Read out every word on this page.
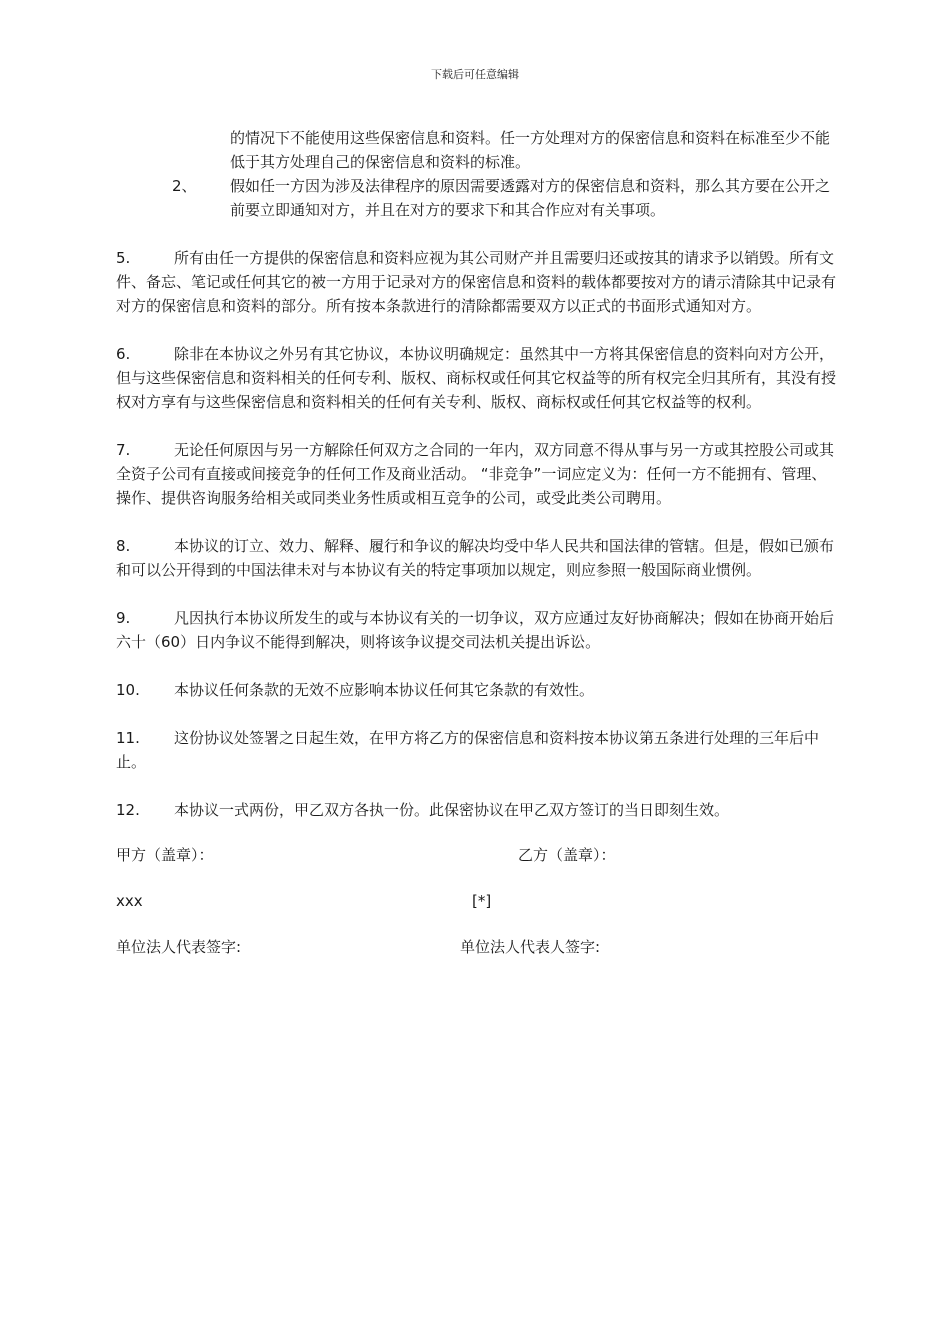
下载后可任意编辑
的情况下不能使用这些保密信息和资料。任一方处理对方的保密信息和资料在标准至少不能低于其方处理自己的保密信息和资料的标准。
2、 假如任一方因为涉及法律程序的原因需要透露对方的保密信息和资料，那么其方要在公开之前要立即通知对方，并且在对方的要求下和其合作应对有关事项。
5.	所有由任一方提供的保密信息和资料应视为其公司财产并且需要归还或按其的请求予以销毁。所有文件、备忘、笔记或任何其它的被一方用于记录对方的保密信息和资料的载体都要按对方的请示清除其中记录有对方的保密信息和资料的部分。所有按本条款进行的清除都需要双方以正式的书面形式通知对方。
6.	除非在本协议之外另有其它协议，本协议明确规定：虽然其中一方将其保密信息的资料向对方公开，但与这些保密信息和资料相关的任何专利、版权、商标权或任何其它权益等的所有权完全归其所有，其没有授权对方享有与这些保密信息和资料相关的任何有关专利、版权、商标权或任何其它权益等的权利。
7.	无论任何原因与另一方解除任何双方之合同的一年内，双方同意不得从事与另一方或其控股公司或其全资子公司有直接或间接竞争的任何工作及商业活动。 “非竞争”一词应定义为：任何一方不能拥有、管理、操作、提供咨询服务给相关或同类业务性质或相互竞争的公司，或受此类公司聘用。
8.	本协议的订立、效力、解释、履行和争议的解决均受中华人民共和国法律的管辖。但是，假如已颁布和可以公开得到的中国法律未对与本协议有关的特定事项加以规定，则应参照一般国际商业惯例。
9.	凡因执行本协议所发生的或与本协议有关的一切争议，双方应通过友好协商解决；假如在协商开始后六十（60）日内争议不能得到解决，则将该争议提交司法机关提出诉讼。
10. 本协议任何条款的无效不应影响本协议任何其它条款的有效性。
11. 这份协议处签署之日起生效，在甲方将乙方的保密信息和资料按本协议第五条进行处理的三年后中止。
12. 本协议一式两份，甲乙双方各执一份。此保密协议在甲乙双方签订的当日即刻生效。
甲方（盖章）：	乙方（盖章）：
xxx	[*]
单位法人代表签字:	单位法人代表人签字:
